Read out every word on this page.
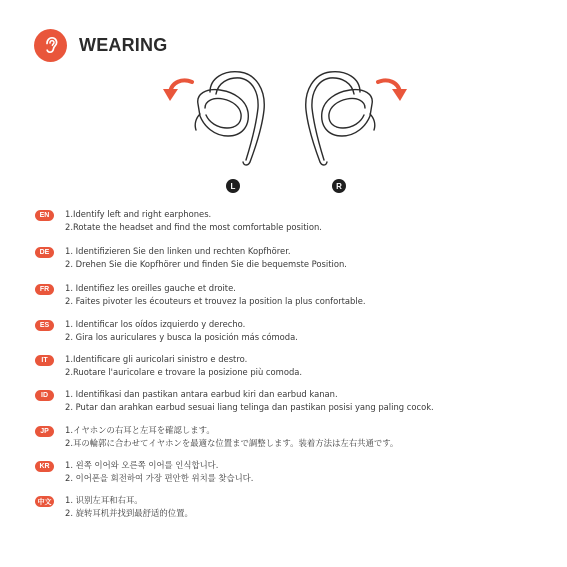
WEARING
L	R
EN	1.Identify left and right earphones.
2.Rotate the headset and find the most comfortable position.
DE	1. Identifizieren Sie den linken und rechten Kopfhörer.
2. Drehen Sie die Kopfhörer und finden Sie die bequemste Position.
FR	1. Identifiez les oreilles gauche et droite.
2. Faites pivoter les écouteurs et trouvez la position la plus confortable.
ES	1. Identificar los oídos izquierdo y derecho.
2. Gira los auriculares y busca la posición más cómoda.
IT	1.Identificare gli auricolari sinistro e destro.
2.Ruotare l'auricolare e trovare la posizione più comoda.
ID	1. Identifikasi dan pastikan antara earbud kiri dan earbud kanan.
2. Putar dan arahkan earbud sesuai liang telinga dan pastikan posisi yang paling cocok.
JP	1.イヤホンの右耳と左耳を確認します。
2.耳の輪郭に合わせてイヤホンを最適な位置まで調整します。装着方法は左右共通です。
KR	1. 왼쪽 이어와 오른쪽 이어를 인식합니다.
2. 이어폰을 회전하여 가장 편안한 위치를 찾습니다.
中文 1. 识别左耳和右耳。
2. 旋转耳机并找到最舒适的位置。
